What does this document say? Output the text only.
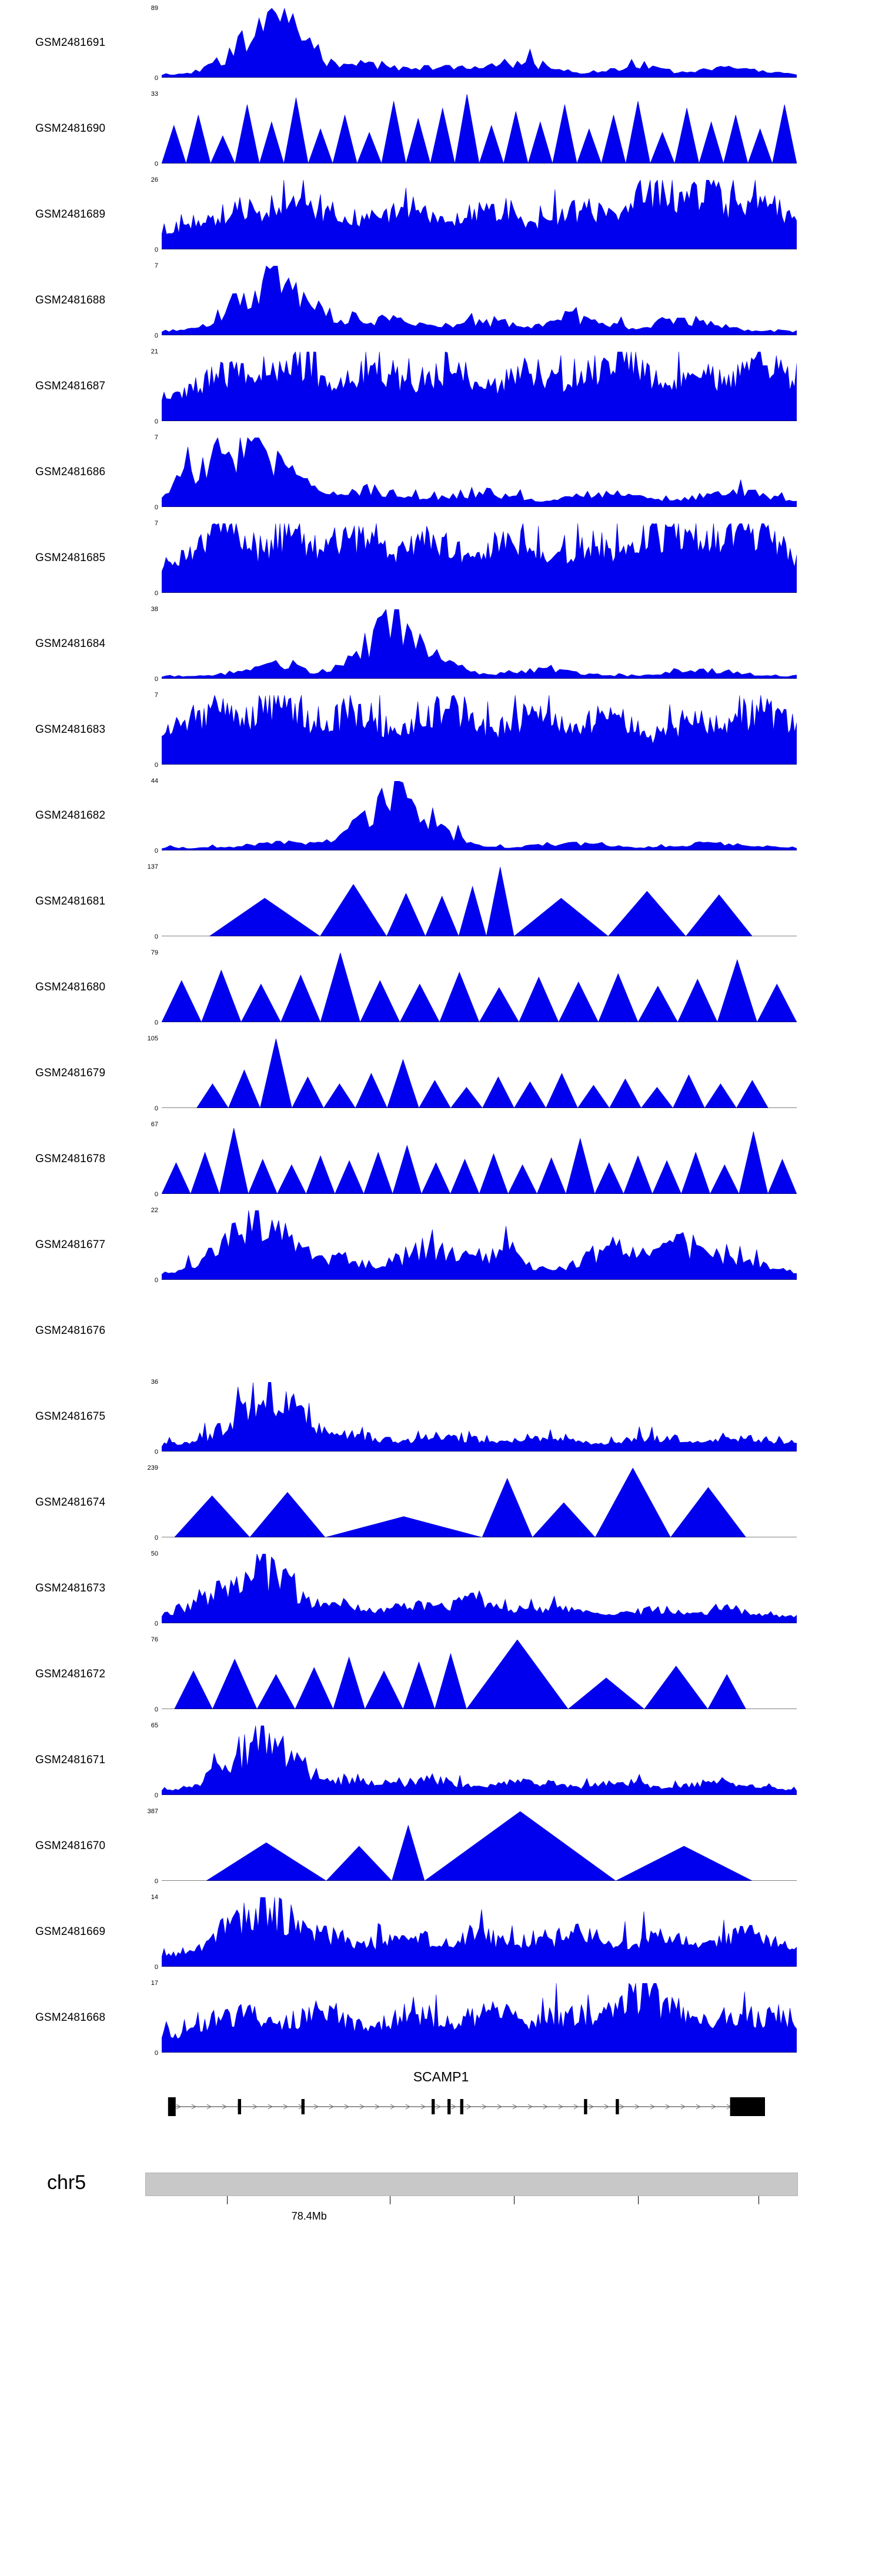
GSM2481691
89
0
GSM2481690
33
0
GSM2481689
26
0
GSM2481688
7
0
GSM2481687
21
0
GSM2481686
7
0
GSM2481685
7
0
GSM2481684
38
0
GSM2481683
7
0
GSM2481682
44
0
GSM2481681
137
0
GSM2481680
79
0
GSM2481679
105
0
GSM2481678
67
0
GSM2481677
22
0
GSM2481676
GSM2481675
36
0
GSM2481674
239
0
GSM2481673
50
0
GSM2481672
76
0
GSM2481671
65
0
GSM2481670
387
0
GSM2481669
14
0
GSM2481668
17
0
SCAMP1
chr5
78.4Mb
